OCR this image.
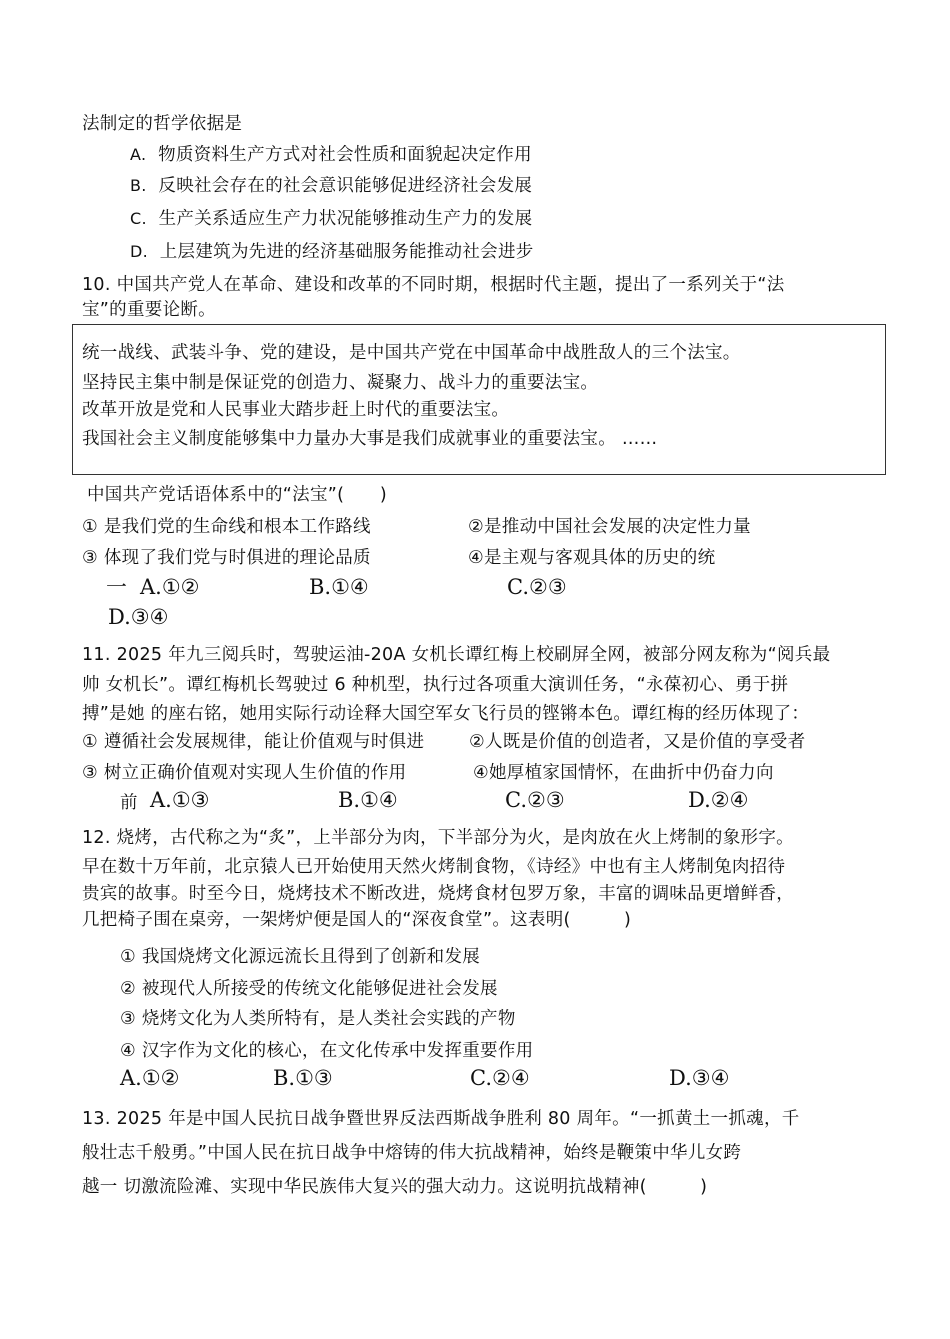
法制定的哲学依据是
A. 物质资料生产方式对社会性质和面貌起决定作用
B. 反映社会存在的社会意识能够促进经济社会发展
C. 生产关系适应生产力状况能够推动生产力的发展
D. 上层建筑为先进的经济基础服务能推动社会进步
10. 中国共产党人在革命、建设和改革的不同时期，根据时代主题，提出了一系列关于“法
宝”的重要论断。
统一战线、武装斗争、党的建设，是中国共产党在中国革命中战胜敌人的三个法宝。
坚持民主集中制是保证党的创造力、凝聚力、战斗力的重要法宝。
改革开放是党和人民事业大踏步赶上时代的重要法宝。
我国社会主义制度能够集中力量办大事是我们成就事业的重要法宝。 ……
中国共产党话语体系中的“法宝”(　　)
① 是我们党的生命线和根本工作路线	②是推动中国社会发展的决定性力量
③ 体现了我们党与时俱进的理论品质	④是主观与客观具体的历史的统
一 A.①②	B.①④	C.②③
D.③④
11. 2025 年九三阅兵时，驾驶运油-20A 女机长谭红梅上校刷屏全网，被部分网友称为“阅兵最
帅 女机长”。谭红梅机长驾驶过 6 种机型，执行过各项重大演训任务，“永葆初心、勇于拼
搏”是她 的座右铭，她用实际行动诠释大国空军女飞行员的铿锵本色。谭红梅的经历体现了：
① 遵循社会发展规律，能让价值观与时俱进	②人既是价值的创造者，又是价值的享受者
③ 树立正确价值观对实现人生价值的作用	④她厚植家国情怀，在曲折中仍奋力向
前 A.①③	B.①④	C.②③	D.②④
12. 烧烤，古代称之为“炙”，上半部分为肉，下半部分为火，是肉放在火上烤制的象形字。
早在数十万年前，北京猿人已开始使用天然火烤制食物，《诗经》中也有主人烤制兔肉招待
贵宾的故事。时至今日，烧烤技术不断改进，烧烤食材包罗万象，丰富的调味品更增鲜香，
几把椅子围在桌旁，一架烤炉便是国人的“深夜食堂”。这表明(　　　)
① 我国烧烤文化源远流长且得到了创新和发展
② 被现代人所接受的传统文化能够促进社会发展
③ 烧烤文化为人类所特有，是人类社会实践的产物
④ 汉字作为文化的核心，在文化传承中发挥重要作用
A.①②	B.①③	C.②④	D.③④
13. 2025 年是中国人民抗日战争暨世界反法西斯战争胜利 80 周年。“一抓黄土一抓魂，千
般壮志千般勇。”中国人民在抗日战争中熔铸的伟大抗战精神，始终是鞭策中华儿女跨
越一 切激流险滩、实现中华民族伟大复兴的强大动力。这说明抗战精神(　　　)
